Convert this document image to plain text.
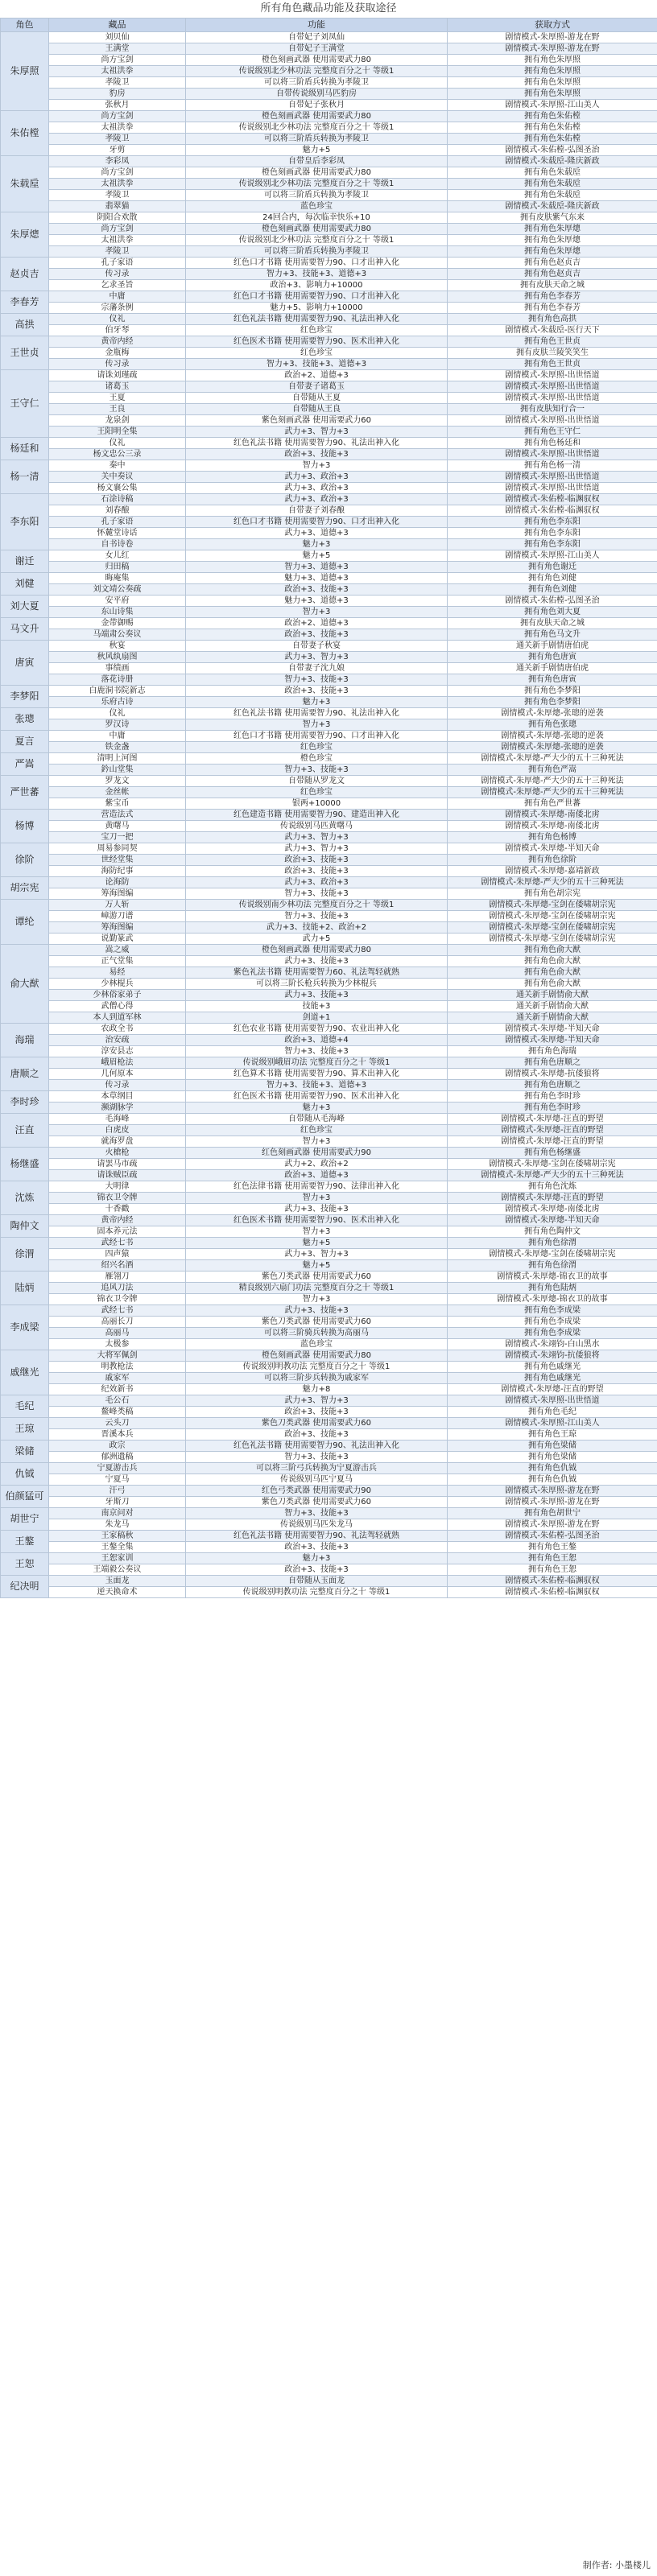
所有角色藏品功能及获取途径
角色	藏品	功能	获取方式
朱厚照	刘贝仙	自带妃子刘凤仙	剧情模式-朱厚照-游龙在野
	王满堂	自带妃子王满堂	剧情模式-朱厚照-游龙在野
	尚方宝剑	橙色刻画武器 使用需要武力80	拥有角色朱厚照
	太祖洪拳	传说级别北少林功法 完整度百分之十 等级1	拥有角色朱厚照
	孝陵卫	可以将三阶盾兵转换为孝陵卫	拥有角色朱厚照
	豹房	自带传说级别马匹豹房	拥有角色朱厚照
	张秋月	自带妃子张秋月	剧情模式-朱厚照-江山美人
朱佑樘	尚方宝剑	橙色刻画武器 使用需要武力80	拥有角色朱佑樘
	太祖洪拳	传说级别北少林功法 完整度百分之十 等级1	拥有角色朱佑樘
	孝陵卫	可以将三阶盾兵转换为孝陵卫	拥有角色朱佑樘
	牙剪	魅力+5	剧情模式-朱佑樘-弘图圣治
朱载垕	李彩凤	自带皇后李彩凤	剧情模式-朱载垕-隆庆新政
	尚方宝剑	橙色刻画武器 使用需要武力80	拥有角色朱载垕
	太祖洪拳	传说级别北少林功法 完整度百分之十 等级1	拥有角色朱载垕
	孝陵卫	可以将三阶盾兵转换为孝陵卫	拥有角色朱载垕
	翡翠猫	蓝色珍宝	剧情模式-朱载垕-隆庆新政
朱厚熜	阴阳合欢散	24回合内，每次临幸快乐+10	拥有皮肤紫气东来
	尚方宝剑	橙色刻画武器 使用需要武力80	拥有角色朱厚熜
	太祖洪拳	传说级别北少林功法 完整度百分之十 等级1	拥有角色朱厚熜
	孝陵卫	可以将三阶盾兵转换为孝陵卫	拥有角色朱厚熜
赵贞吉	孔子家语	红色口才书籍 使用需要智力90、口才出神入化	拥有角色赵贞吉
	传习录	智力+3、技能+3、道德+3	拥有角色赵贞吉
	乞求圣旨	政治+3、影响力+10000	拥有皮肤天命之城
李春芳	中庸	红色口才书籍 使用需要智力90、口才出神入化	拥有角色李春芳
	宗藩条例	魅力+5、影响力+10000	拥有角色李春芳
高拱	仪礼	红色礼法书籍 使用需要智力90、礼法出神入化	拥有角色高拱
	伯牙琴	红色珍宝	剧情模式-朱载垕-医行天下
王世贞	黄帝内经	红色医术书籍 使用需要智力90、医术出神入化	拥有角色王世贞
	金瓶梅	红色珍宝	拥有皮肤兰陵笑笑生
	传习录	智力+3、技能+3、道德+3	拥有角色王世贞
王守仁	请诛刘瑾疏	政治+2、道德+3	剧情模式-朱厚照-出世悟道
	诸葛玉	自带妻子诸葛玉	剧情模式-朱厚照-出世悟道
	王夏	自带随从王夏	剧情模式-朱厚照-出世悟道
	王良	自带随从王良	拥有皮肤知行合一
	龙泉剑	紫色刻画武器 使用需要武力60	剧情模式-朱厚照-出世悟道
	王阳明全集	武力+3、智力+3	拥有角色王守仁
杨廷和	仪礼	红色礼法书籍 使用需要智力90、礼法出神入化	拥有角色杨廷和
	杨文忠公三录	政治+3、技能+3	剧情模式-朱厚照-出世悟道
杨一清	秦中	智力+3	拥有角色杨一清
	关中奏议	武力+3、政治+3	剧情模式-朱厚照-出世悟道
	杨文襄公集	武力+3、政治+3	剧情模式-朱厚照-出世悟道
李东阳	石涂诗稿	武力+3、政治+3	剧情模式-朱佑樘-临渊驭权
	刘春酿	自带妻子刘春酿	剧情模式-朱佑樘-临渊驭权
	孔子家语	红色口才书籍 使用需要智力90、口才出神入化	拥有角色李东阳
	怀麓堂诗话	武力+3、道德+3	拥有角色李东阳
	自书诗卷	魅力+3	拥有角色李东阳
谢迁	女儿红	魅力+5	剧情模式-朱厚照-江山美人
	归田稿	智力+3、道德+3	拥有角色谢迁
刘健	晦庵集	魅力+3、道德+3	拥有角色刘健
	刘文靖公奏疏	政治+3、技能+3	拥有角色刘健
刘大夏	安平府	魅力+3、道德+3	剧情模式-朱佑樘-弘图圣治
	东山诗集	智力+3	拥有角色刘大夏
马文升	金带御赐	政治+2、道德+3	拥有皮肤天命之城
	马端肃公奏议	政治+3、技能+3	拥有角色马文升
唐寅	秋宴	自带妻子秋宴	通关新手剧情唐伯虎
	秋风纨扇图	武力+3、智力+3	拥有角色唐寅
	事绩画	自带妻子沈九娘	通关新手剧情唐伯虎
	落花诗册	智力+3、技能+3	拥有角色唐寅
李梦阳	白鹿洞书院新志	政治+3、技能+3	拥有角色李梦阳
	乐府古诗	魅力+3	拥有角色李梦阳
张璁	仪礼	红色礼法书籍 使用需要智力90、礼法出神入化	剧情模式-朱厚熜-张璁的逆袭
	罗汉诗	智力+3	拥有角色张璁
夏言	中庸	红色口才书籍 使用需要智力90、口才出神入化	剧情模式-朱厚熜-张璁的逆袭
	铁金盏	红色珍宝	剧情模式-朱厚熜-张璁的逆袭
严嵩	清明上河图	橙色珍宝	剧情模式-朱厚熜-严大少的五十三种死法
	鈐山堂集	智力+3、技能+3	拥有角色严嵩
严世蕃	罗龙文	自带随从罗龙文	剧情模式-朱厚熜-严大少的五十三种死法
	金丝帐	红色珍宝	剧情模式-朱厚熜-严大少的五十三种死法
	紫宝币	银两+10000	拥有角色严世蕃
杨博	营造法式	红色建造书籍 使用需要智力90、建造出神入化	剧情模式-朱厚熜-南倭北虏
	黄曙马	传说级别马匹黄曙马	剧情模式-朱厚熜-南倭北虏
	宝刀一把	武力+3、智力+3	拥有角色杨博
徐阶	周易参同契	武力+3、智力+3	剧情模式-朱厚熜-半知天命
	世经堂集	政治+3、技能+3	拥有角色徐阶
	海防纪事	政治+3、技能+3	剧情模式-朱厚熜-嘉靖新政
胡宗宪	论海防	武力+3、政治+3	剧情模式-朱厚熜-严大少的五十三种死法
	筹海图编	智力+3、技能+3	拥有角色胡宗宪
谭纶	万人斩	传说级别南少林功法 完整度百分之十 等级1	剧情模式-朱厚熜-宝剑在倭啸胡宗宪
	嶂游刀谱	智力+3、技能+3	剧情模式-朱厚熜-宝剑在倭啸胡宗宪
	筹海图编	武力+3、技能+2、政治+2	剧情模式-朱厚熜-宝剑在倭啸胡宗宪
	说勤篆武	武力+5	剧情模式-朱厚熜-宝剑在倭啸胡宗宪
俞大猷	嵩之威	橙色刻画武器 使用需要武力80	拥有角色俞大猷
	正气堂集	武力+3、技能+3	拥有角色俞大猷
	易经	紫色礼法书籍 使用需要智力60、礼法驾轻就熟	拥有角色俞大猷
	少林棍兵	可以将三阶长枪兵转换为少林棍兵	拥有角色俞大猷
	少林俗家弟子	武力+3、技能+3	通关新手剧情俞大猷
	武僧心得	技能+3	通关新手剧情俞大猷
	本人到道军林	剑道+1	通关新手剧情俞大猷
海瑞	农政全书	红色农业书籍 使用需要智力90、农业出神入化	剧情模式-朱厚熜-半知天命
	治安疏	政治+3、道德+4	剧情模式-朱厚熜-半知天命
	淳安县志	智力+3、技能+3	拥有角色海瑞
唐顺之	峨眉枪法	传说级别峨眉功法 完整度百分之十 等级1	拥有角色唐顺之
	几何原本	红色算术书籍 使用需要智力90、算术出神入化	剧情模式-朱厚熜-抗倭狼将
	传习录	智力+3、技能+3、道德+3	拥有角色唐顺之
李时珍	本草纲目	红色医术书籍 使用需要智力90、医术出神入化	拥有角色李时珍
	濒湖脉学	魅力+3	拥有角色李时珍
汪直	毛海峰	自带随从毛海峰	剧情模式-朱厚熜-汪直的野望
	白虎皮	红色珍宝	剧情模式-朱厚熜-汪直的野望
	就海罗盘	智力+3	剧情模式-朱厚熜-汪直的野望
杨继盛	火槍枪	红色刻画武器 使用需要武力90	拥有角色杨继盛
	请罢马市疏	武力+2、政治+2	剧情模式-朱厚熜-宝剑在倭啸胡宗宪
	请诛贼臣疏	政治+3、道德+3	剧情模式-朱厚熜-严大少的五十三种死法
沈炼	大明律	红色法律书籍 使用需要智力90、法律出神入化	拥有角色沈炼
	锦衣卫令牌	智力+3	剧情模式-朱厚熜-汪直的野望
	十香戳	武力+3、技能+3	剧情模式-朱厚熜-南倭北虏
陶仲文	黄帝内经	红色医术书籍 使用需要智力90、医术出神入化	剧情模式-朱厚熜-半知天命
	固本养元法	智力+3	拥有角色陶仲文
徐渭	武经七书	魅力+5	拥有角色徐渭
	四声猿	武力+3、智力+3	剧情模式-朱厚熜-宝剑在倭啸胡宗宪
	绍兴名酒	魅力+5	拥有角色徐渭
陆炳	雁翎刀	紫色刀类武器 使用需要武力60	剧情模式-朱厚熜-锦衣卫的故事
	追风刀法	精良级别六扇门功法 完整度百分之十 等级1	拥有角色陆炳
	锦衣卫令牌	智力+3	剧情模式-朱厚熜-锦衣卫的故事
李成梁	武经七书	武力+3、技能+3	拥有角色李成梁
	高丽长刀	紫色刀类武器 使用需要武力60	拥有角色李成梁
	高丽马	可以将三阶骑兵转换为高丽马	拥有角色李成梁
	太极参	蓝色珍宝	剧情模式-朱翊钧-白山黑水
戚继光	大将军佩剑	橙色刻画武器 使用需要武力80	剧情模式-朱翊钧-抗倭狼将
	明教枪法	传说级别明教功法 完整度百分之十 等级1	拥有角色戚继光
	戚家军	可以将三阶步兵转换为戚家军	拥有角色戚继光
	纪效新书	魅力+8	剧情模式-朱厚熜-汪直的野望
毛纪	毛公石	武力+3、智力+3	剧情模式-朱厚照-出世悟道
	鳌峰类稿	政治+3、技能+3	拥有角色毛纪
王琼	云头刀	紫色刀类武器 使用需要武力60	剧情模式-朱厚照-江山美人
	晋溪本兵	政治+3、技能+3	拥有角色王琼
梁储	政宗	红色礼法书籍 使用需要智力90、礼法出神入化	拥有角色梁储
	郁洲遗稿	智力+3、技能+3	拥有角色梁储
仇钺	宁夏游击兵	可以将三阶弓兵转换为宁夏游击兵	拥有角色仇钺
	宁夏马	传说级别马匹宁夏马	拥有角色仇钺
伯颜猛可	汗弓	红色弓类武器 使用需要武力90	剧情模式-朱厚照-游龙在野
	牙斯刀	紫色刀类武器 使用需要武力60	剧情模式-朱厚照-游龙在野
胡世宁	南京问对	智力+3、技能+3	拥有角色胡世宁
	朱龙马	传说级别马匹朱龙马	剧情模式-朱厚照-游龙在野
王鏊	王家稿秋	红色礼法书籍 使用需要智力90、礼法驾轻就熟	剧情模式-朱佑樘-弘图圣治
	王鏊全集	政治+3、技能+3	拥有角色王鏊
王恕	王恕家训	魅力+3	拥有角色王恕
	王端毅公奏议	政治+3、技能+3	拥有角色王恕
纪决明	玉面龙	自带随从玉面龙	剧情模式-朱佑樘-临渊驭权
	逆天换命术	传说级别明教功法 完整度百分之十 等级1	剧情模式-朱佑樘-临渊驭权
制作者: 小墨楼儿
